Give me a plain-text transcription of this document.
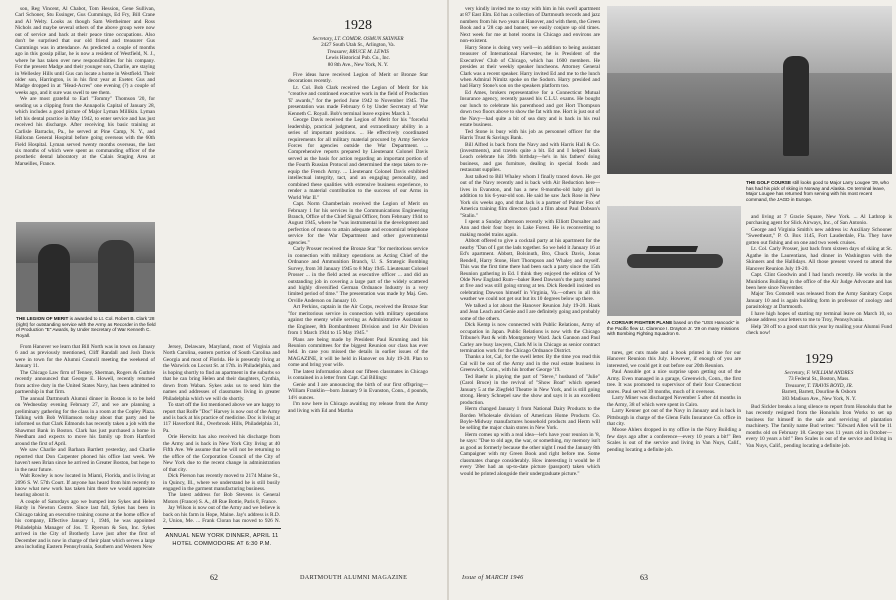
son, Reg Vincent, Al Chabot, Tom Hession, Gene Sullivan, Carl Schoner, Stu Essinger, Gus Cummings, Ed Fry, Bill Crane and Al Welty. Looks as though Sam Wertheimer and Ross Nichols and maybe several others of the above group were now out of service and back at their peace time occupations. Also don't be surprised that our old friend and treasurer Gus Cummings was in attendance. As predicted a couple of months ago in this gossip pillar, he is now a resident of Westfield, N. J., where he has taken over new responsibilities for his company. For the present Madge and their younger son, Charlie, are staying in Wellesley Hills until Gus can locate a home in Westfield. Their older son, Harrington, is in his first year at Exeter. Gus and Madge dropped in at "Head-Acres" one evening (?) a couple of weeks ago, and it sure was swell to see them.

We are most grateful to Earl "Tommy" Thomson '20, for sending us a clipping from the Annapolis Capital of January 28, which includes a good picture of Major Lyman Millikin. Lyman left his dental practice in May 1942, to enter service and has just received his discharge. After receiving his basic training at Carlisle Barracks, Pa., he served at Pine Camp, N. Y., and Halloran General Hospital before going overseas with the 60th Field Hospital. Lyman served twenty months overseas, the last six months of which were spent as commanding officer of the prosthetic dental laboratory at the Calais Staging Area at Marseilles, France.

THE LEGION OF MERIT is awarded to Lt. Col. Robert B. Clark '28 (right) for outstanding service with the Army as Recorder in the field of Production "E" Awards, by Under Secretary of War Kenneth C. Royall.

From Hanover we learn that Bill North was in town on January 6 and as previously mentioned, Cliff Randall and Josh Davis were in town for the Alumni Council meeting the weekend of January 11.

The Chicago Law firm of Tenney, Sherman, Rogers & Guthrie recently announced that George E. Howell, recently returned from active duty in the United States Navy, has been admitted to partnership in that firm.

The annual Dartmouth Alumni dinner in Boston is to be held on Wednesday evening February 27, and we are planning a preliminary gathering for the class in a room at the Copley Plaza. Talking with Bob Williamson today about that party and he informed us that Clark Edmonds has recently taken a job with the Shawmut Bank in Boston. Clark has just purchased a home in Needham and expects to move his family up from Hartford around the first of April.

We saw Charlie and Barbara Bartlett yesterday, and Charlie reported that Don Carpenter phoned his office last week. We haven't seen Brian since he arrived in Greater Boston, but hope to in the near future.

Walt Rowley is now located in Miami, Florida, and is living at 2096 S. W. 57th Court. If anyone has heard from him recently to know what new work has taken him there we would appreciate hearing about it.

A couple of Saturdays ago we bumped into Sykes and Helen Hardy in Newton Centre. Since last fall, Sykes has been in Chicago taking an executive training course at the home office of his company, Effective January 1, 1946, he was appointed Philadelphia Manager of Jos. T. Ryerson & Son, Inc. Sykes arrived in the City of Brotherly Love just after the first of December and is now in charge of their plant which serves a large area including Eastern Pennsylvania, Southern and Western New

Jersey, Delaware, Maryland, most of Virginia and North Carolina, eastern portion of South Carolina and Georgia and most of Florida. He is presently living at the Warwick on Locust St. at 17th. in Philadelphia, and is hoping shortly to find an apartment in the suburbs so that he can bring Helen and their daughters, Cynthia, down from Waban. Sykes asks us to send him the names and addresses of classmates living in greater Philadelphia which we will do shortly.

To start off the list mentioned above we are happy to report that Rolfe "Doc" Harvey is now out of the Army and is back at his practice of medicine. Doc is living at 117 Haverford Rd., Overbrook Hills, Philadelphia 31, Pa.

Orie Herwitz has also received his discharge from the Army and is back in New York City living at 40 Fifth Ave. We assume that he will not be returning to the office of the Corporation Council of the City of New York due to the recent change in administration of that city.

Dick Pierson has recently moved to 2174 Maine St., in Quincy, Ill., where we understand he is still busily engaged in the garment manufacturing business.

The latest address for Bob Stevens is General Motors (France) S. A., 48 Rue Bottie, Paris 8, France.

Jay Wilson is now out of the Army and we believe is back on his farm in Hope, Maine. Jay's address is R.D. 2, Union, Me. ... Frank Cloran has moved to 926 N.

ANNUAL NEW YORK DINNER, APRIL 11
HOTEL COMMODORE AT 6:30 P.M.
1928
Secretary, LT. COMDR. OSMUN SKINNER
2427 South Utah St., Arlington, Va.
Treasurer, BRUCE M. LEWIS
Lewis Historical Pub. Co., Inc.
80 8th Ave., New York, N. Y.

Five ideas have received Legion of Merit or Bronze Star decorations recently.

Lt. Col. Bob Clark received the Legion of Merit for his "creative and continued executive work in the field of Production 'E' awards," for the period June 1942 to November 1945. The presentation was made February 6 by Under Secretary of War Kenneth C. Royall. Bob's terminal leave expires March 3.

George Davis received the Legion of Merit for his "forceful leadership, practical judgment, and extraordinary ability in a series of important positions. ... He effectively coordinated requirements for all military material procured by Army Service Forces for agencies outside the War Department. ... Comprehensive reports prepared by Lieutenant Colonel Davis served as the basis for action regarding an important portion of the Fourth Russian Protocol and determined the steps taken to re-equip the French Army. ... Lieutenant Colonel Davis exhibited intellectual integrity, tact, and an engaging personality, and combined these qualities with extensive business experience, to render a material contribution to the success of our Arms in World War II."

Capt. Norm Chamberlain received the Legion of Merit on February 1 for his services in the Communications Engineering Branch, Office of the Chief Signal Officer, from February 1944 to August 1945, where he "was instrumental in the development and perfection of means to attain adequate and economical telephone service for the War Department and other governmental agencies."

Carly Prosser received the Bronze Star "for meritorious service in connection with military operations as Acting Chief of the Ordnance and Ammunition Branch, U. S. Strategic Bombing Survey, from 30 January 1945 to 8 May 1945. Lieutenant Colonel Prosser ... in the field acted as executive officer ... and did an outstanding job in covering a large part of the widely scattered and highly diversified German Ordnance Industry in a very limited period of time." The presentation was made by Maj. Gen. Orville Anderson on January 10.

Art Perkins, captain in the Air Corps, received the Bronze Star "for meritorious service in connection with military operations against the enemy while serving as Administrative Assistant to the Engineer, 8th Bombardment Division and 1st Air Division from 1 March 1944 to 15 May 1945."

Plans are being made by President Paul Kruming and his Reunion committees for the biggest Reunion our class has ever held. In case you missed the details in earlier issues of the MAGAZINE, it will be held in Hanover on July 19-20. Plan to come and bring your wife.

The latest information about our fifteen classmates in Chicago is contained in a letter from Capt. Cal Billings:

Genie and I are announcing the birth of our first offspring—William Franklin—born January 9 in Evanston, Conn., 4 pounds, 14½ ounces.

I'm now here in Chicago awaiting my release from the Army and living with Ed and Martha

62	DARTMOUTH ALUMNI MAGAZINE	Issue of MARCH 1946	63

very kindly invited me to stay with him in his swell apartment at 87 East Elm. Ed has a collection of Dartmouth records and jazz numbers from his two years at Hanover, and with them, the Green Book and a '28 cap and banner, we easily conjure up old times. Next week for me at hotel rooms in Chicago and environs are non-existent.

Harry Stone is doing very well—in addition to being assistant treasurer of International Harvester, he is President of the Executives' Club of Chicago, which has 1600 members. He presides at their weekly speaker luncheons. Attorney General Clark was a recent speaker. Harry invited Ed and me to the lunch when Admiral Nimitz spoke on the Sodorn. Harry presided and had Harry Stone's son on the speakers platform too.

Ed Ames, brokers representative for a Connecticut Mutual Insurance agency, recently passed his C.L.U. exams. He bought our lunch to celebrate his parenthood and got Hort Thompson down two floors above to show the fat with me. Hort is just out of the Navy—had quite a bit of sea duty and is back in his real estate business.

Ted Stone is busy with his job as personnel officer for the Harris Trust & Savings Bank.

Bill Alfred is back from the Navy and with Harris Hall & Co. (investments), and travels quite a bit. Ed and I helped Hank Leach celebrate his 39th birthday—he's in his fathers' doing business, and gas furniture, dealing in special foods and restaurant supplies.

Just talked to Bill Whaley whom I finally traced down. He got out of the Navy recently and is back with Air Reduction here—lives in Evanston, and has a new 8-months-old baby girl in addition to his 6-year-old son. He said he saw Jack Rose in New York six weeks ago, and that Jack is a partner of Palmer Fox of America training film directors (and a film about Paul Dobson's "Stalin."

I spent a Sunday afternoon recently with Elliott Dorsalter and Ann and their four boys in Lake Forest. He is reconverting to making model trains again.

Abbott offered to give a cocktail party at his apartment for the nearby "Dan of I got the lads together. So we held it January 16 at Ed's apartment. Abbott, Bolsinuth, Bro, Chuck Davis, Jonas Rendell, Harry Stone, Hort Thompson and Whaley and myself. This was the first time there had been such a party since the 15th Reunion gathering in Ed. I think they enjoyed the edition of Ye Olde New England Rum—baker Reed Dawson's the party started at five and was still going strong at ten. Dick Rendell insisted on celebrating Dawson himself in Virginia, Va.—others in all this weather we could not get out but its 10 degrees below up there.

We talked a lot about the Hanover Reunion July 19-20. Hank and Jean Leach and Genie and I are definitely going and probably some of the others.

Dick Kemp is now connected with Public Relations, Army of occupation in Japan. Public Relations is now with the Chicago Tribune's Past & with Montgomery Ward. Jack Gannon and Paul Carley are busy lawyers, Clark M is in Chicago as senior contract termination work for the Chicago Ordnance District.

Thanks a lot, Cal, for the swell letter. By the time you read this Cal will be out of the Army and in the real estate business in Greenwich, Conn., with his brother George '19.

Ted Baehr is playing the part of "Steve," husband of "Julie" (Carol Bruce) in the revival of "Show Boat" which opened January 5 at the Ziegfeld Theatre in New York, and is still going strong. Henry Schnepel saw the show and says it is an excellent production.

Herm changed January 1 from National Dairy Products to the Borden Wholesale division of American Home Products Co. Boyle-Midway manufactures household products and Herm will be selling the major chain stores in New York.

Herm comes up with a real idea—let's have your reunion in '8, he says: "Due to old age, the war, or something, my memory isn't as good as formerly because the other night I read the January 8th Campaigner with my Green Book and right before me. Some classmates change considerably. How interesting it would be if every '28er had an up-to-date picture (passport) taken which would be printed alongside their undergraduate picture."

THE GOLF COURSE still looks good to Major Larry Lougee '29, who has had his pick of skiing in Norway and Alaska. On terminal leave, Major Lougee has returned from serving with his most recent command, the JAGD in Europe.
A CORSAIR FIGHTER PLANE based on the "USS Hancock" in the Pacific flew Lt. Clarence I. Drayton Jr. '29 on many missions with Bombing Fighting Squadron 6.

and living at 7 Gracie Square, New York. ... Al Lathrop is purchasing agent for Slick Airways, Inc., of San Antonio.

George and Virginia Smith's new address is: Auxiliary Schooner "Sweetheart," P. O. Box 1145, Fort Lauderdale, Fla. They have gotten out fishing and on one and two week cruises.

Lt. Col. Carly Prosser, just back from sixteen days of skiing at St. Agathe in the Laurentians, had dinner in Washington with the Skinners and the Hallidays. All those present vowed to attend the Hanover Reunion July 19-20.

Capt. Clint Goodwin and I had lunch recently. He works in the Munitions Building in the office of the Air Judge Advocate and has been here since November.

Major Tex Comstell was released from the Army Sanitary Corps January 10 and is again building form in professor of zoology and parasitology at Dartmouth.

I have high hopes of starting my terminal leave on March 10, so please address your letters to me to Troy, Pennsylvania.

Help '28 off to a good start this year by mailing your Alumni Fund check now!

tures, get cuts made and a book printed in time for our Hanover Reunion this July. However, if enough of you are interested, we could get it out before our 20th Reunion.

Paul Ansuble got a nice surprise upon getting out of the Army. Even managed in a garage, Greenwich, Conn., the first tree. It was promoted to supervisor of their four Connecticut stores. Paul served 39 months, much of it overseas.

Larry Miner was discharged November 5 after 44 months in the Army, 38 of which were spent in Cairo.

Larry Kenner got out of the Navy in January and is back in Pittsburgh in charge of the Glenn Falls Insurance Co. office in that city.

Moose Ahlers dropped in my office in the Navy Building a few days ago after a conference—every 10 years a bit!" Ben Scales is out of the service and living in Van Nuys, Calif., pending locating a definite job.

1929
Secretary, F. WILLIAM ANDRES
73 Federal St., Boston, Mass.
Treasurer, T. TRAVIS BOYD, JR.
Barrett, Barrett, Dourline & Osborn
383 Madison Ave., New York, N. Y.

Bud Sickler breaks a long silence to report from Honolulu that he has recently resigned from the Honolulu Iron Works to set up business for himself in the sale and servicing of plantation machinery. The family name Bud writes: "Edward Allen will be 11 months old on February 18. George was 11 years old in October—every 10 years a bit!" Ben Scales is out of the service and living in Van Nuys, Calif., pending locating a definite job.
